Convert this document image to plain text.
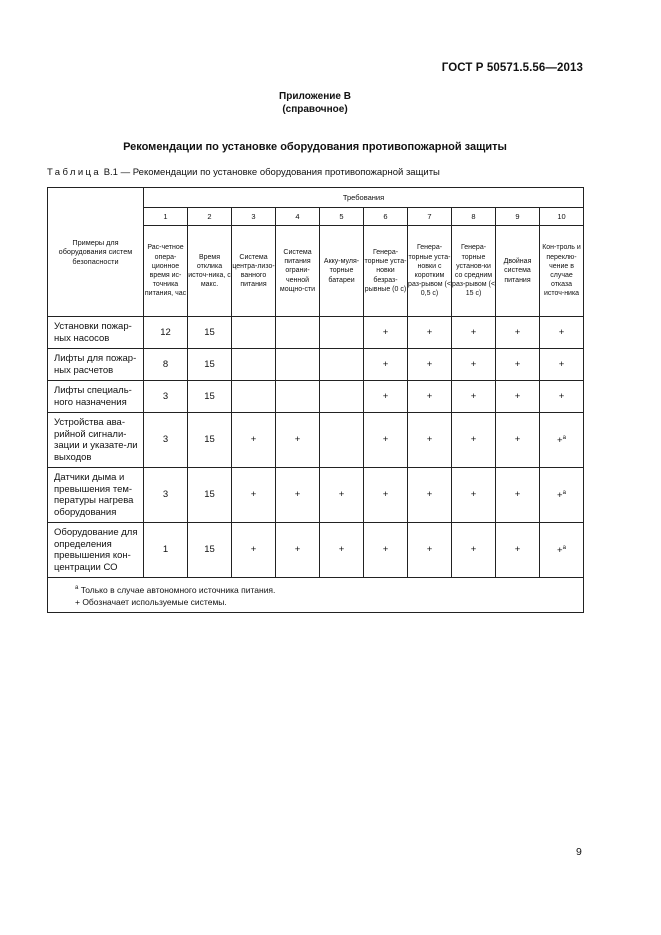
ГОСТ Р 50571.5.56—2013
Приложение В
(справочное)
Рекомендации по установке оборудования противопожарной защиты
Таблица В.1 — Рекомендации по установке оборудования противопожарной защиты
Примеры для оборудования систем безопасности	Требования									
	1	2	3	4	5	6	7	8	9	10
	Рас-четное опера-ционное время ис-точника питания, час	Время отклика источ-ника, с макс.	Система центра-лизо-ванного питания	Система питания ограни-ченной мощно-сти	Акку-муля-торные батареи	Генера-торные уста-новки безраз-рывные (0 с)	Генера-торные уста-новки с коротким раз-рывом (< 0,5 с)	Генера-торные установ-ки со средним раз-рывом (< 15 с)	Двойная система питания	Кон-троль и переклю-чение в случае отказа источ-ника
Установки пожар-ных насосов	12	15				+	+	+	+	+
Лифты для пожар-ных расчетов	8	15				+	+	+	+	+
Лифты специаль-ного назначения	3	15				+	+	+	+	+
Устройства ава-рийной сигнали-зации и указате-ли выходов	3	15	+	+		+	+	+	+	+$^a$
Датчики дыма и превышения тем-пературы нагрева оборудования	3	15	+	+	+	+	+	+	+	+$^a$
Оборудование для определения превышения кон-центрации СО	1	15	+	+	+	+	+	+	+	+$^a$

$^a$ Только в случае автономного источника питания.
+ Обозначает используемые системы.										
9
